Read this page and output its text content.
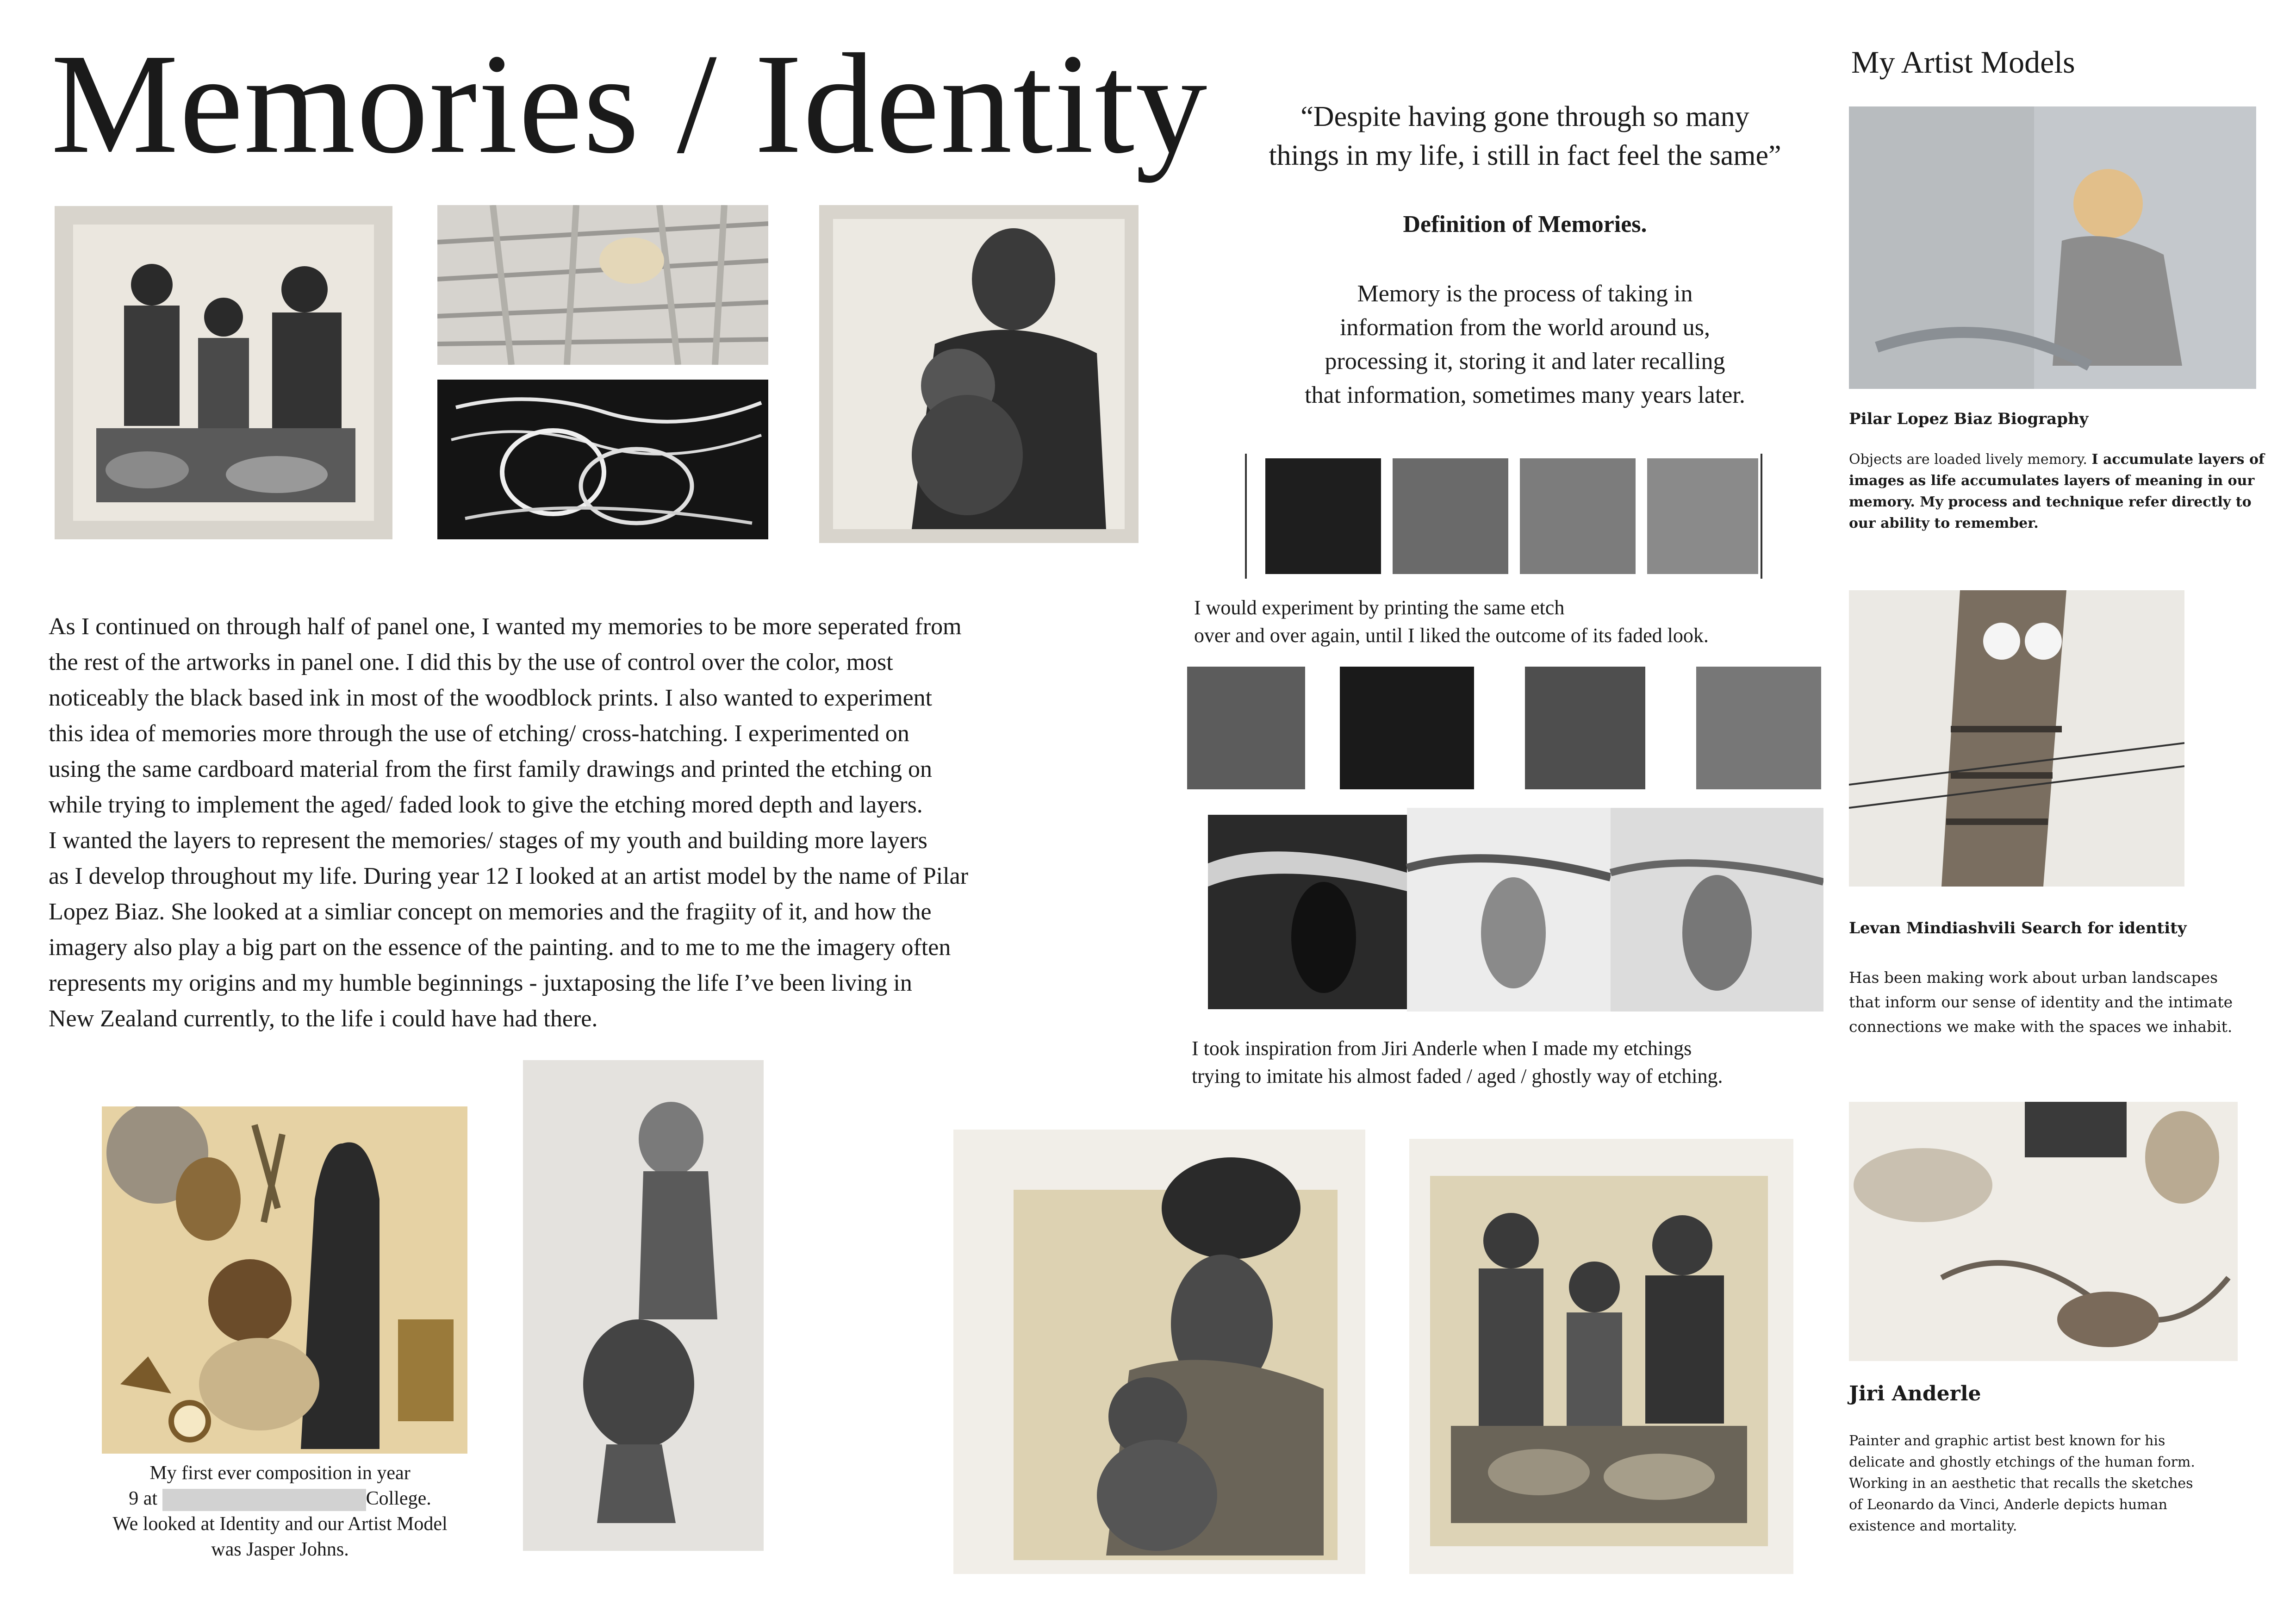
Memories / Identity	“Despite having gone through so many
things in my life, i still in fact feel the same”
Definition of Memories.
Memory is the process of taking in
information from the world around us,
processing it, storing it and later recalling
that information, sometimes many years later.
I would experiment by printing the same etch
over and over again, until I liked the outcome of its faded look.
I took inspiration from Jiri Anderle when I made my etchings
trying to imitate his almost faded / aged / ghostly way of etching.
As I continued on through half of panel one, I wanted my memories to be more seperated from
the rest of the artworks in panel one. I did this by the use of control over the color, most
noticeably the black based ink in most of the woodblock prints. I also wanted to experiment
this idea of memories more through the use of etching/ cross-hatching. I experimented on
using the same cardboard material from the first family drawings and printed the etching on
while trying to implement the aged/ faded look to give the etching mored depth and layers.
I wanted the layers to represent the memories/ stages of my youth and building more layers
as I develop throughout my life. During year 12 I looked at an artist model by the name of Pilar
Lopez Biaz. She looked at a simliar concept on memories and the fragiity of it, and how the
imagery also play a big part on the essence of the painting. and to me to me the imagery often
represents my origins and my humble beginnings - juxtaposing the life I’ve been living in
New Zealand currently, to the life i could have had there.
My first ever composition in year
9 at	College.
We looked at Identity and our Artist Model
was Jasper Johns.
My Artist Models
Pilar Lopez Biaz Biography
Objects are loaded lively memory. I accumulate layers of images as life accumulates layers of meaning in our memory. My process and technique refer directly to our ability to remember.
Levan Mindiashvili Search for identity
Has been making work about urban landscapes
that inform our sense of identity and the intimate
connections we make with the spaces we inhabit.
Jiri Anderle
Painter and graphic artist best known for his
delicate and ghostly etchings of the human form.
Working in an aesthetic that recalls the sketches
of Leonardo da Vinci, Anderle depicts human
existence and mortality.
